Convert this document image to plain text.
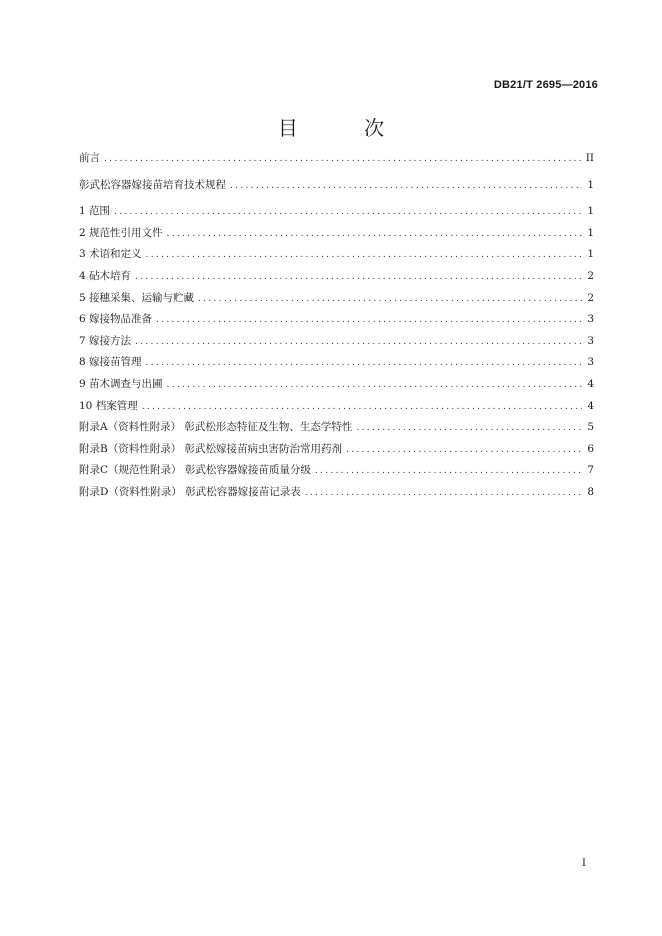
DB21/T 2695—2016
目 次
前言 .....	II
彰武松容器嫁接苗培育技术规程 .....	1
1 范围 .....	1
2 规范性引用文件 .....	1
3 术语和定义 .....	1
4 砧木培育 .....	2
5 接穗采集、运输与贮藏 .....	2
6 嫁接物品准备 .....	3
7 嫁接方法 .....	3
8 嫁接苗管理 .....	3
9 苗木调查与出圃 .....	4
10 档案管理 .....	4
附录A（资料性附录） 彰武松形态特征及生物、生态学特性 .....	5
附录B（资料性附录） 彰武松嫁接苗病虫害防治常用药剂 .....	6
附录C（规范性附录） 彰武松容器嫁接苗质量分级 .....	7
附录D（资料性附录） 彰武松容器嫁接苗记录表 .....	8
I
